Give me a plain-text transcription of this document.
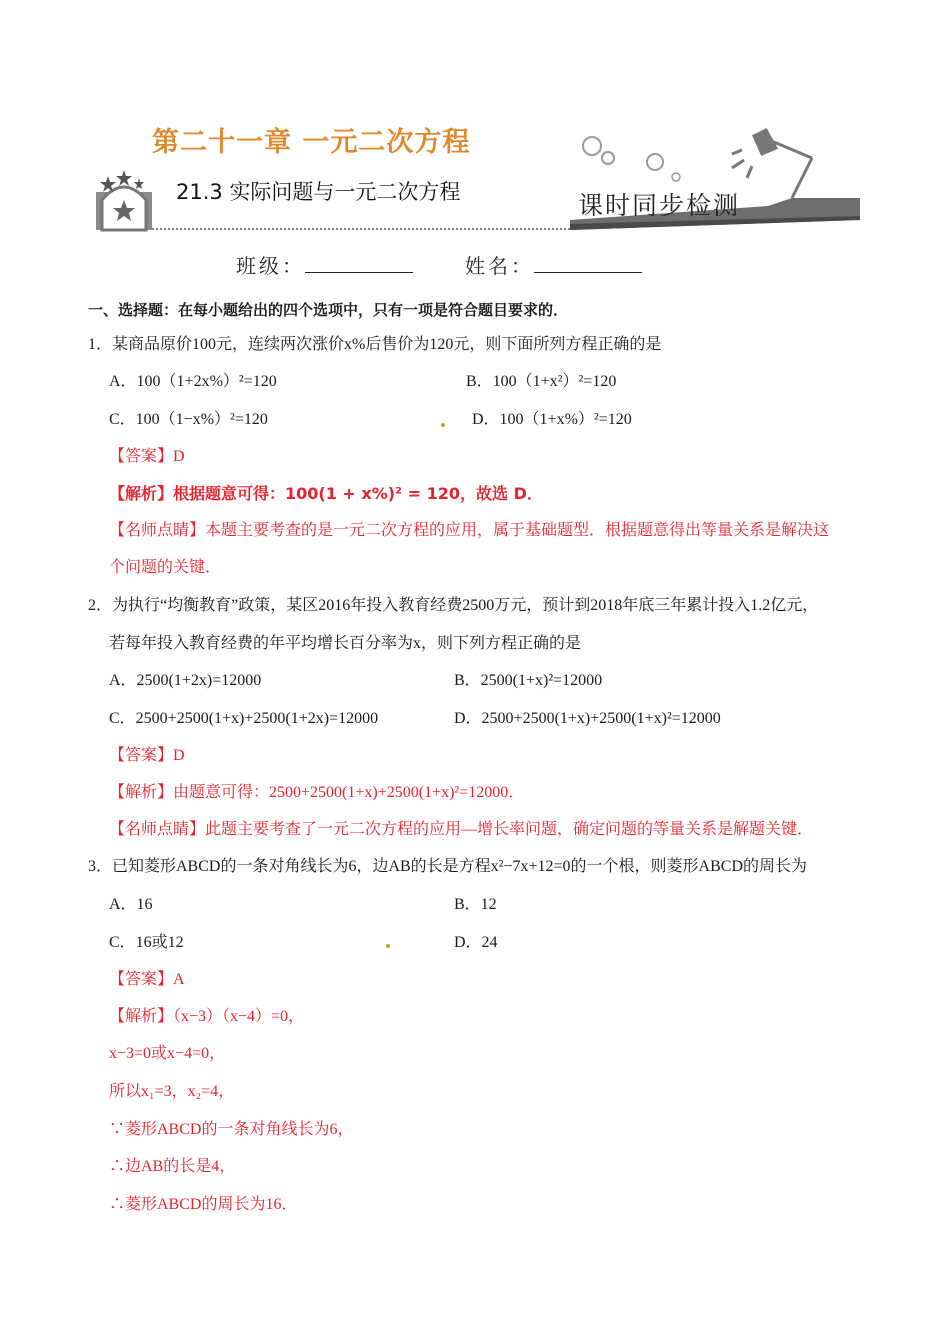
第二十一章 一元二次方程
21.3 实际问题与一元二次方程	课时同步检测
班级：	姓名：
一、选择题：在每小题给出的四个选项中，只有一项是符合题目要求的．
1．某商品原价100元，连续两次涨价x%后售价为120元，则下面所列方程正确的是
A．100（1+2x%）²=120	B．100（1+x²）²=120
C．100（1−x%）²=120	D．100（1+x%）²=120
【答案】D
【解析】根据题意可得：100(1 + x%)² = 120，故选 D．
【名师点睛】本题主要考查的是一元二次方程的应用，属于基础题型．根据题意得出等量关系是解决这
个问题的关键．
2．为执行“均衡教育”政策，某区2016年投入教育经费2500万元，预计到2018年底三年累计投入1.2亿元，
若每年投入教育经费的年平均增长百分率为x，则下列方程正确的是
A．2500(1+2x)=12000	B．2500(1+x)²=12000
C．2500+2500(1+x)+2500(1+2x)=12000	D．2500+2500(1+x)+2500(1+x)²=12000
【答案】D
【解析】由题意可得：2500+2500(1+x)+2500(1+x)²=12000．
【名师点睛】此题主要考查了一元二次方程的应用—增长率问题，确定问题的等量关系是解题关键．
3．已知菱形ABCD的一条对角线长为6，边AB的长是方程x²−7x+12=0的一个根，则菱形ABCD的周长为
A．16	B．12
C．16或12	D．24
【答案】A
【解析】（x−3）（x−4）=0，
x−3=0或x−4=0，
所以x₁=3，x₂=4，
∵菱形ABCD的一条对角线长为6，
∴边AB的长是4，
∴菱形ABCD的周长为16．
